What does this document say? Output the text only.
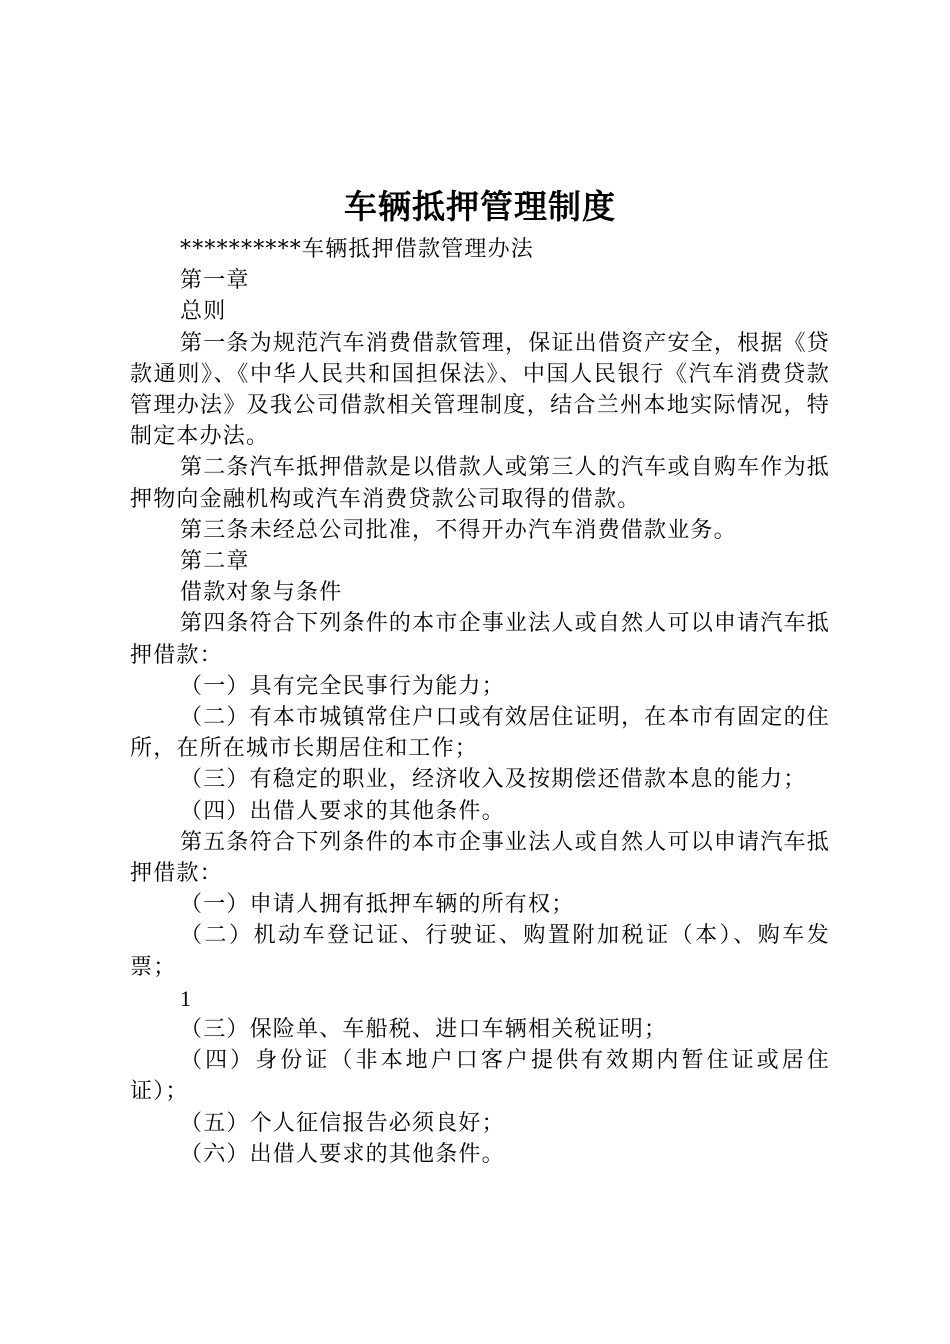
车辆抵押管理制度

**********车辆抵押借款管理办法

第一章

总则

第一条为规范汽车消费借款管理，保证出借资产安全，根据《贷款通则》、《中华人民共和国担保法》、中国人民银行《汽车消费贷款管理办法》及我公司借款相关管理制度，结合兰州本地实际情况，特制定本办法。

第二条汽车抵押借款是以借款人或第三人的汽车或自购车作为抵押物向金融机构或汽车消费贷款公司取得的借款。

第三条未经总公司批准，不得开办汽车消费借款业务。

第二章

借款对象与条件

第四条符合下列条件的本市企事业法人或自然人可以申请汽车抵押借款：

（一）具有完全民事行为能力；

（二）有本市城镇常住户口或有效居住证明，在本市有固定的住所，在所在城市长期居住和工作；

（三）有稳定的职业，经济收入及按期偿还借款本息的能力；

（四）出借人要求的其他条件。

第五条符合下列条件的本市企事业法人或自然人可以申请汽车抵押借款：

（一）申请人拥有抵押车辆的所有权；

（二）机动车登记证、行驶证、购置附加税证（本）、购车发票；

1

（三）保险单、车船税、进口车辆相关税证明；

（四）身份证（非本地户口客户提供有效期内暂住证或居住证）；

（五）个人征信报告必须良好；

（六）出借人要求的其他条件。
